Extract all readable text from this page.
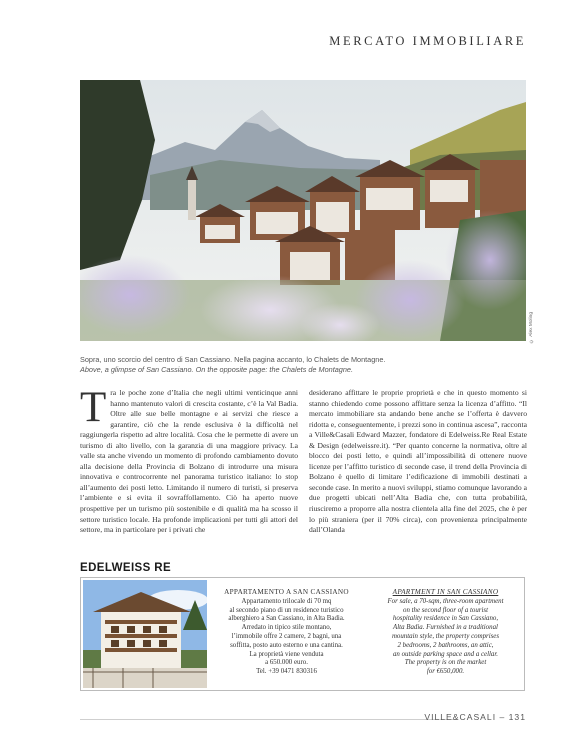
MERCATO IMMOBILIARE
© Alex Moling
Sopra, uno scorcio del centro di San Cassiano. Nella pagina accanto, lo Chalets de Montagne.
Above, a glimpse of San Cassiano. On the opposite page: the Chalets de Montagne.
T ra le poche zone d’Italia che negli ultimi venticinque anni hanno mantenuto valori di crescita costante, c’è la Val Badia. Oltre alle sue belle montagne e ai servizi che riesce a garantire, ciò che la rende esclusiva è la difficoltà nel raggiungerla rispetto ad altre località. Cosa che le permette di avere un turismo di alto livello, con la garanzia di una maggiore privacy. La valle sta anche vivendo un momento di profondo cambiamento dovuto alla decisione della Provincia di Bolzano di introdurre una misura innovativa e controcorrente nel panorama turistico italiano: lo stop all’aumento dei posti letto. Limitando il numero di turisti, si preserva l’ambiente e si evita il sovraffollamento. Ciò ha aperto nuove prospettive per un turismo più sostenibile e di qualità ma ha scosso il settore turistico locale. Ha profonde implicazioni per tutti gli attori del settore, ma in particolare per i privati che
desiderano affittare le proprie proprietà e che in questo momento si stanno chiedendo come possono affittare senza la licenza d’affitto. “Il mercato immobiliare sta andando bene anche se l’offerta è davvero ridotta e, conseguentemente, i prezzi sono in continua ascesa”, racconta a Ville&Casali Edward Mazzer, fondatore di Edelweiss.Re Real Estate & Design (edelweissre.it). “Per quanto concerne la normativa, oltre al blocco dei posti letto, e quindi all’impossibilità di ottenere nuove licenze per l’affitto turistico di seconde case, il trend della Provincia di Bolzano è quello di limitare l’edificazione di immobili destinati a seconde case. In merito a nuovi sviluppi, stiamo comunque lavorando a due progetti ubicati nell’Alta Badia che, con tutta probabilità, riusciremo a proporre alla nostra clientela alla fine del 2025, che è per lo più straniera (per il 70% circa), con provenienza principalmente dall’Olanda
EDELWEISS RE
APPARTAMENTO A SAN CASSIANO
Appartamento trilocale di 70 mq
al secondo piano di un residence turistico
alberghiero a San Cassiano, in Alta Badia.
Arredato in tipico stile montano,
l’immobile offre 2 camere, 2 bagni, una
soffitta, posto auto esterno e una cantina.
La proprietà viene venduta
a 650.000 euro.
Tel. +39 0471 830316
APARTMENT IN SAN CASSIANO
For sale, a 70-sqm, three-room apartment
on the second floor of a tourist
hospitality residence in San Cassiano,
Alta Badia. Furnished in a traditional
mountain style, the property comprises
2 bedrooms, 2 bathrooms, an attic,
an outside parking space and a cellar.
The property is on the market
for €650,000.
VILLE&CASALI – 131
